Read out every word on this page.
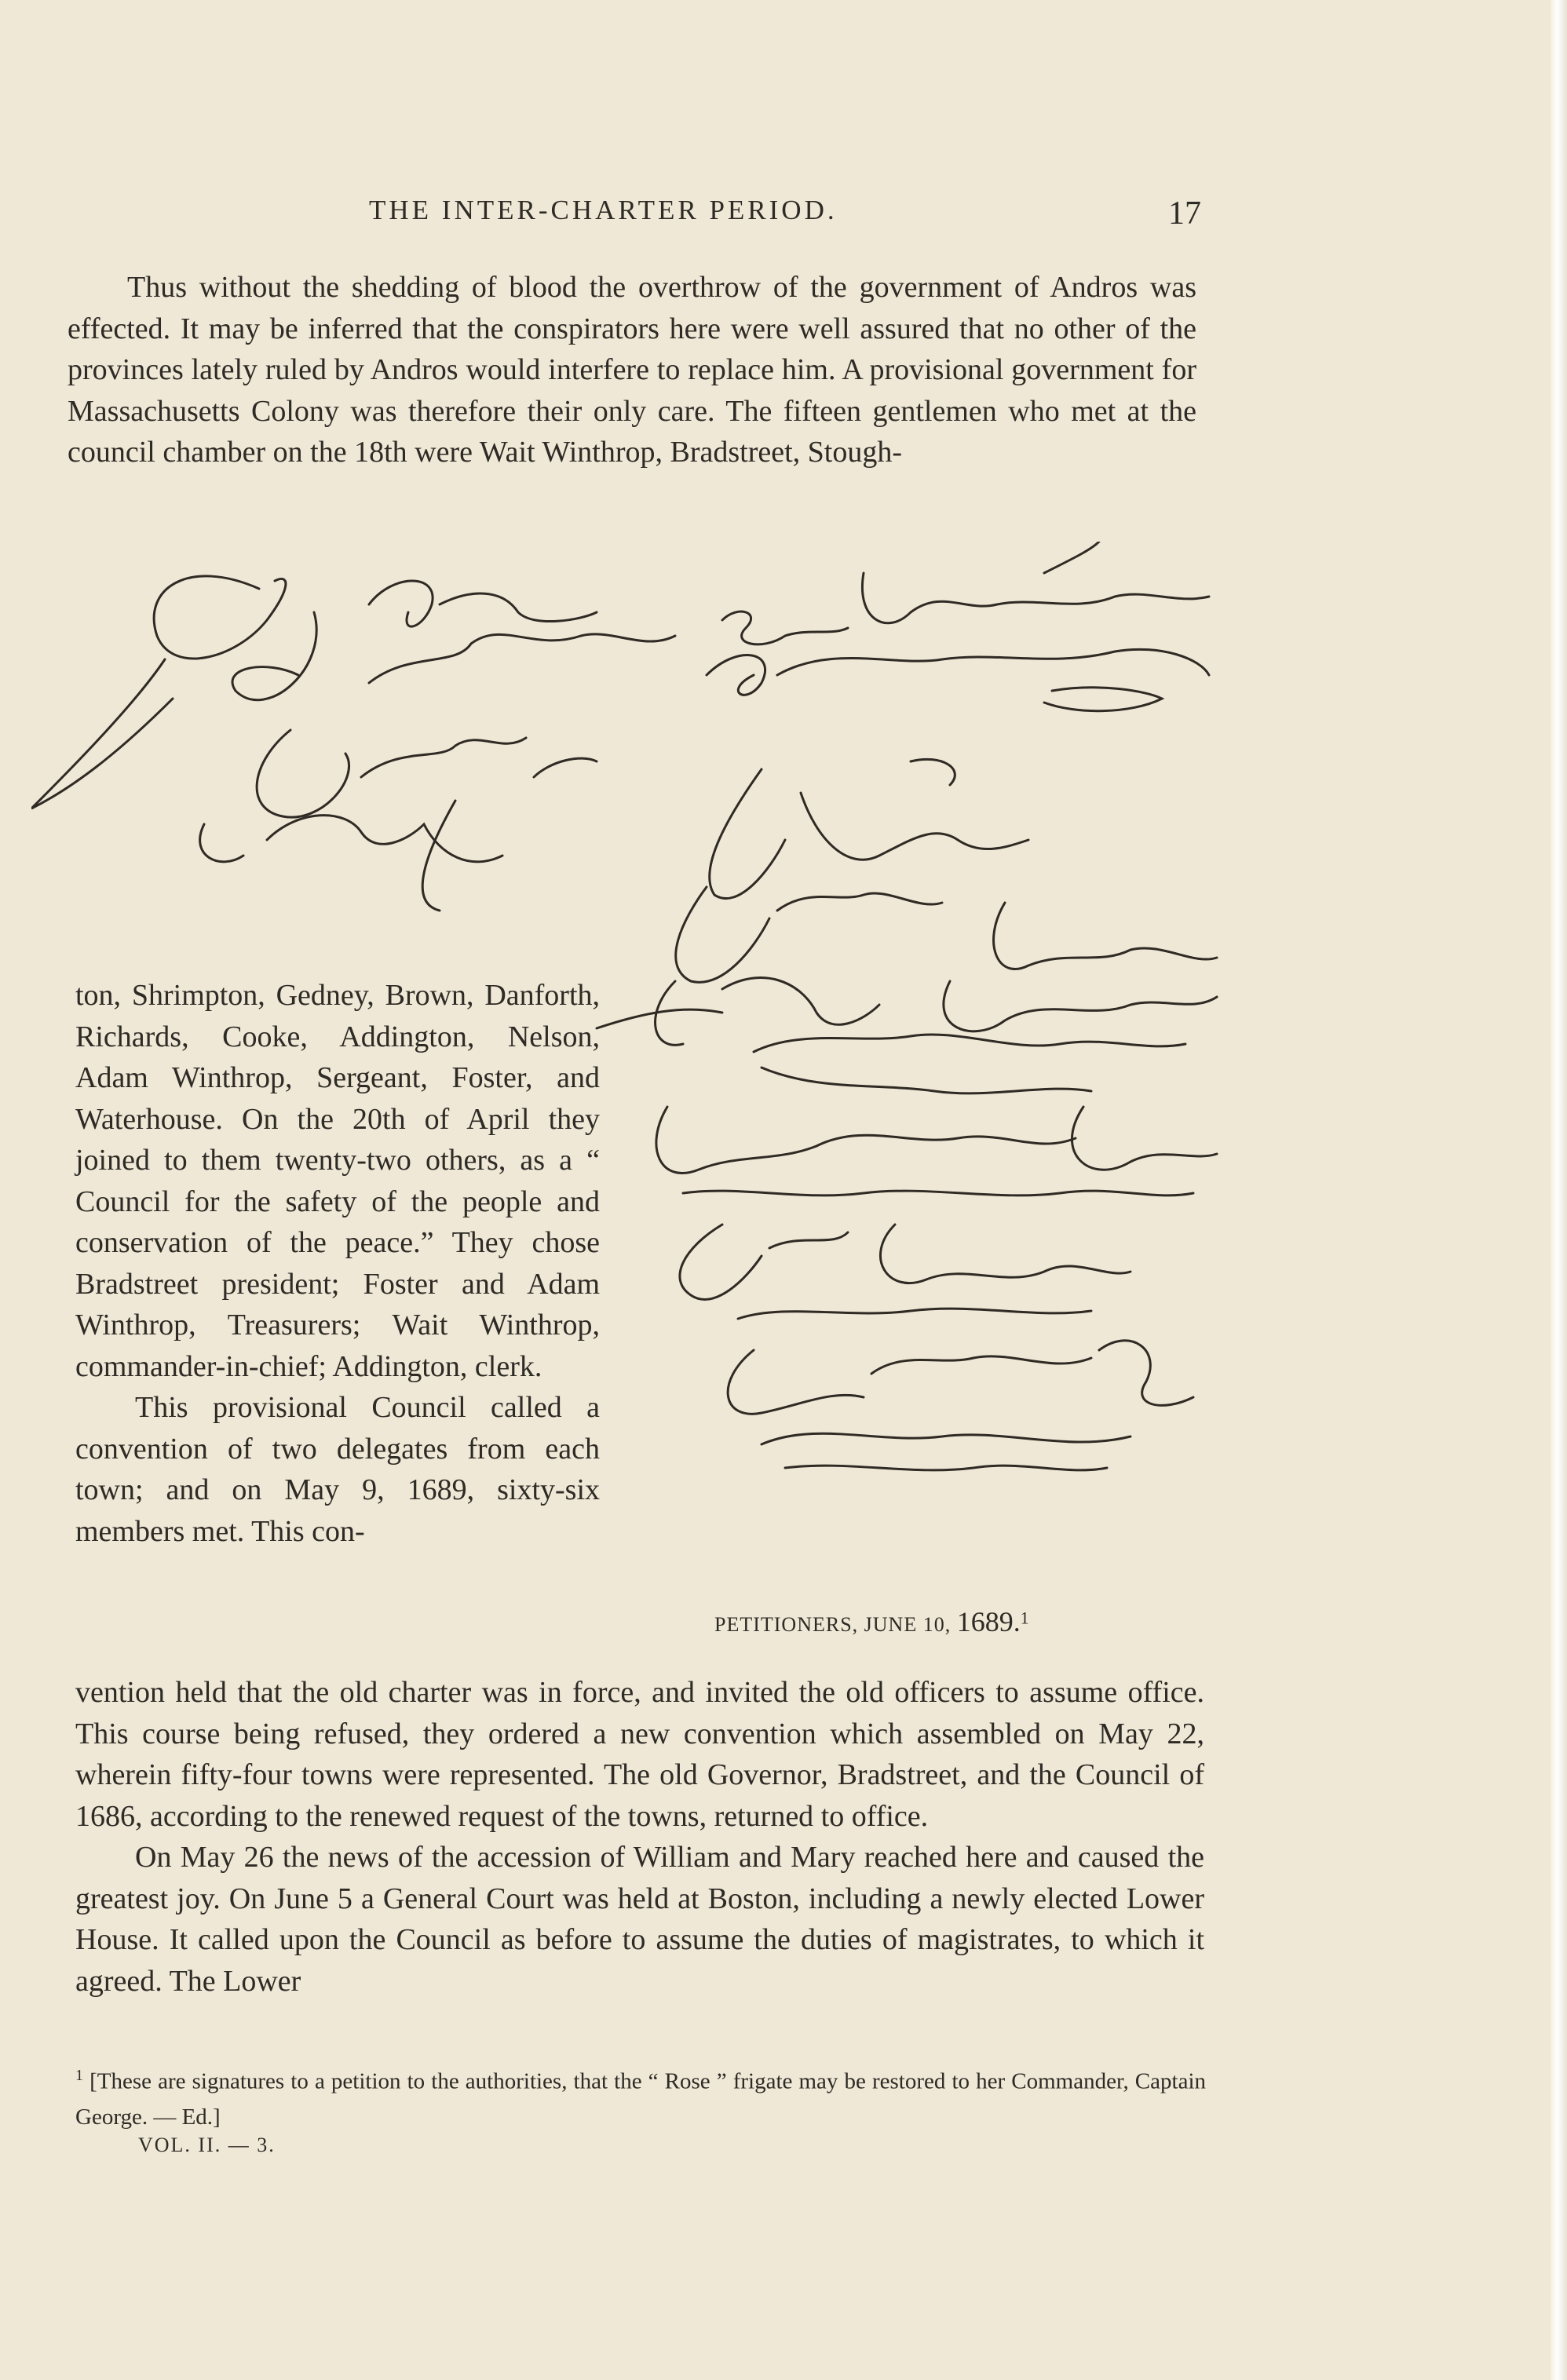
THE INTER-CHARTER PERIOD.	17

Thus without the shedding of blood the overthrow of the government of Andros was effected. It may be inferred that the conspirators here were well assured that no other of the provinces lately ruled by Andros would interfere to replace him. A provisional government for Massachusetts Colony was therefore their only care. The fifteen gentlemen who met at the council chamber on the 18th were Wait Winthrop, Bradstreet, Stough-

ton, Shrimpton, Gedney, Brown, Danforth, Richards, Cooke, Addington, Nelson, Adam Winthrop, Sergeant, Foster, and Waterhouse. On the 20th of April they joined to them twenty-two others, as a “ Council for the safety of the people and conservation of the peace.” They chose Bradstreet president; Foster and Adam Winthrop, Treasurers; Wait Winthrop, commander-in-chief; Addington, clerk.

This provisional Council called a convention of two delegates from each town; and on May 9, 1689, sixty-six members met. This con-

PETITIONERS, JUNE 10, 1689.$^1$

vention held that the old charter was in force, and invited the old officers to assume office. This course being refused, they ordered a new convention which assembled on May 22, wherein fifty-four towns were represented. The old Governor, Bradstreet, and the Council of 1686, according to the renewed request of the towns, returned to office.

On May 26 the news of the accession of William and Mary reached here and caused the greatest joy. On June 5 a General Court was held at Boston, including a newly elected Lower House. It called upon the Council as before to assume the duties of magistrates, to which it agreed. The Lower

$^1$ [These are signatures to a petition to the authorities, that the “ Rose ” frigate may be restored to her Commander, Captain George. — Ed.]
VOL. II. — 3.
